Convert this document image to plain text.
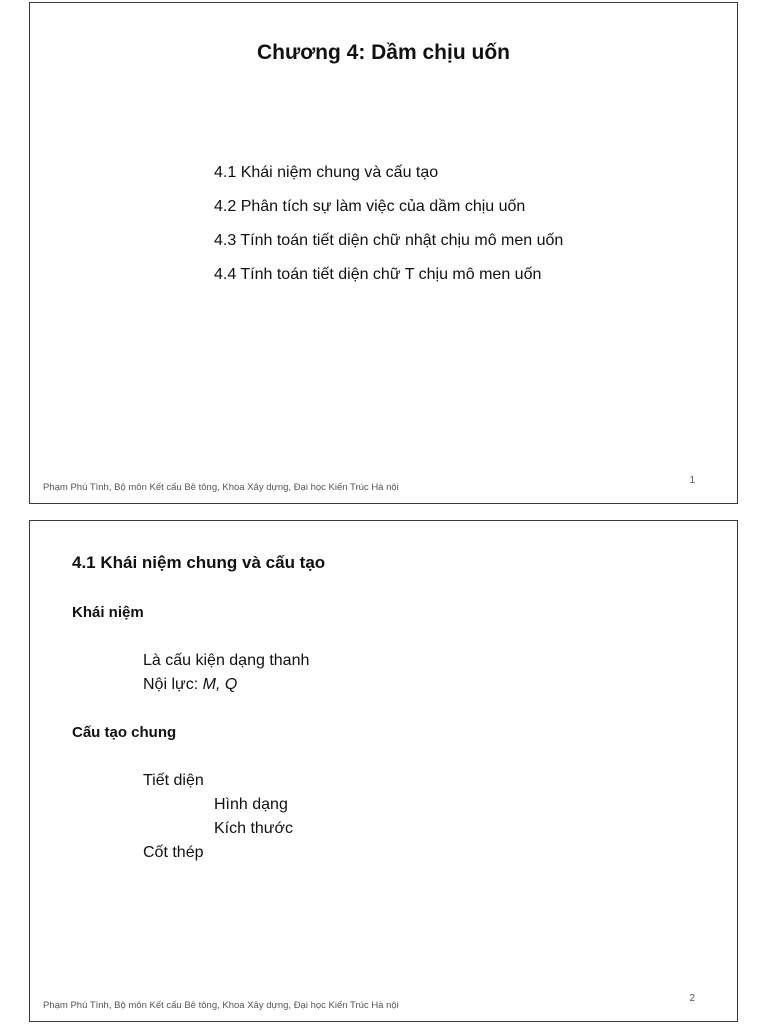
Chương 4: Dầm chịu uốn
4.1 Khái niệm chung và cấu tạo
4.2 Phân tích sự làm việc của dầm chịu uốn
4.3 Tính toán tiết diện chữ nhật chịu mô men uốn
4.4 Tính toán tiết diện chữ T chịu mô men uốn
Phạm Phú Tình, Bộ môn Kết cấu Bê tông, Khoa Xây dựng, Đại học Kiến Trúc Hà nội
1
4.1 Khái niệm chung và cấu tạo
Khái niệm

Là cấu kiện dạng thanh

Nội lực: M, Q

Cấu tạo chung

Tiết diện

Hình dạng

Kích thước

Cốt thép

Phạm Phú Tình, Bộ môn Kết cấu Bê tông, Khoa Xây dựng, Đại học Kiến Trúc Hà nội
2
